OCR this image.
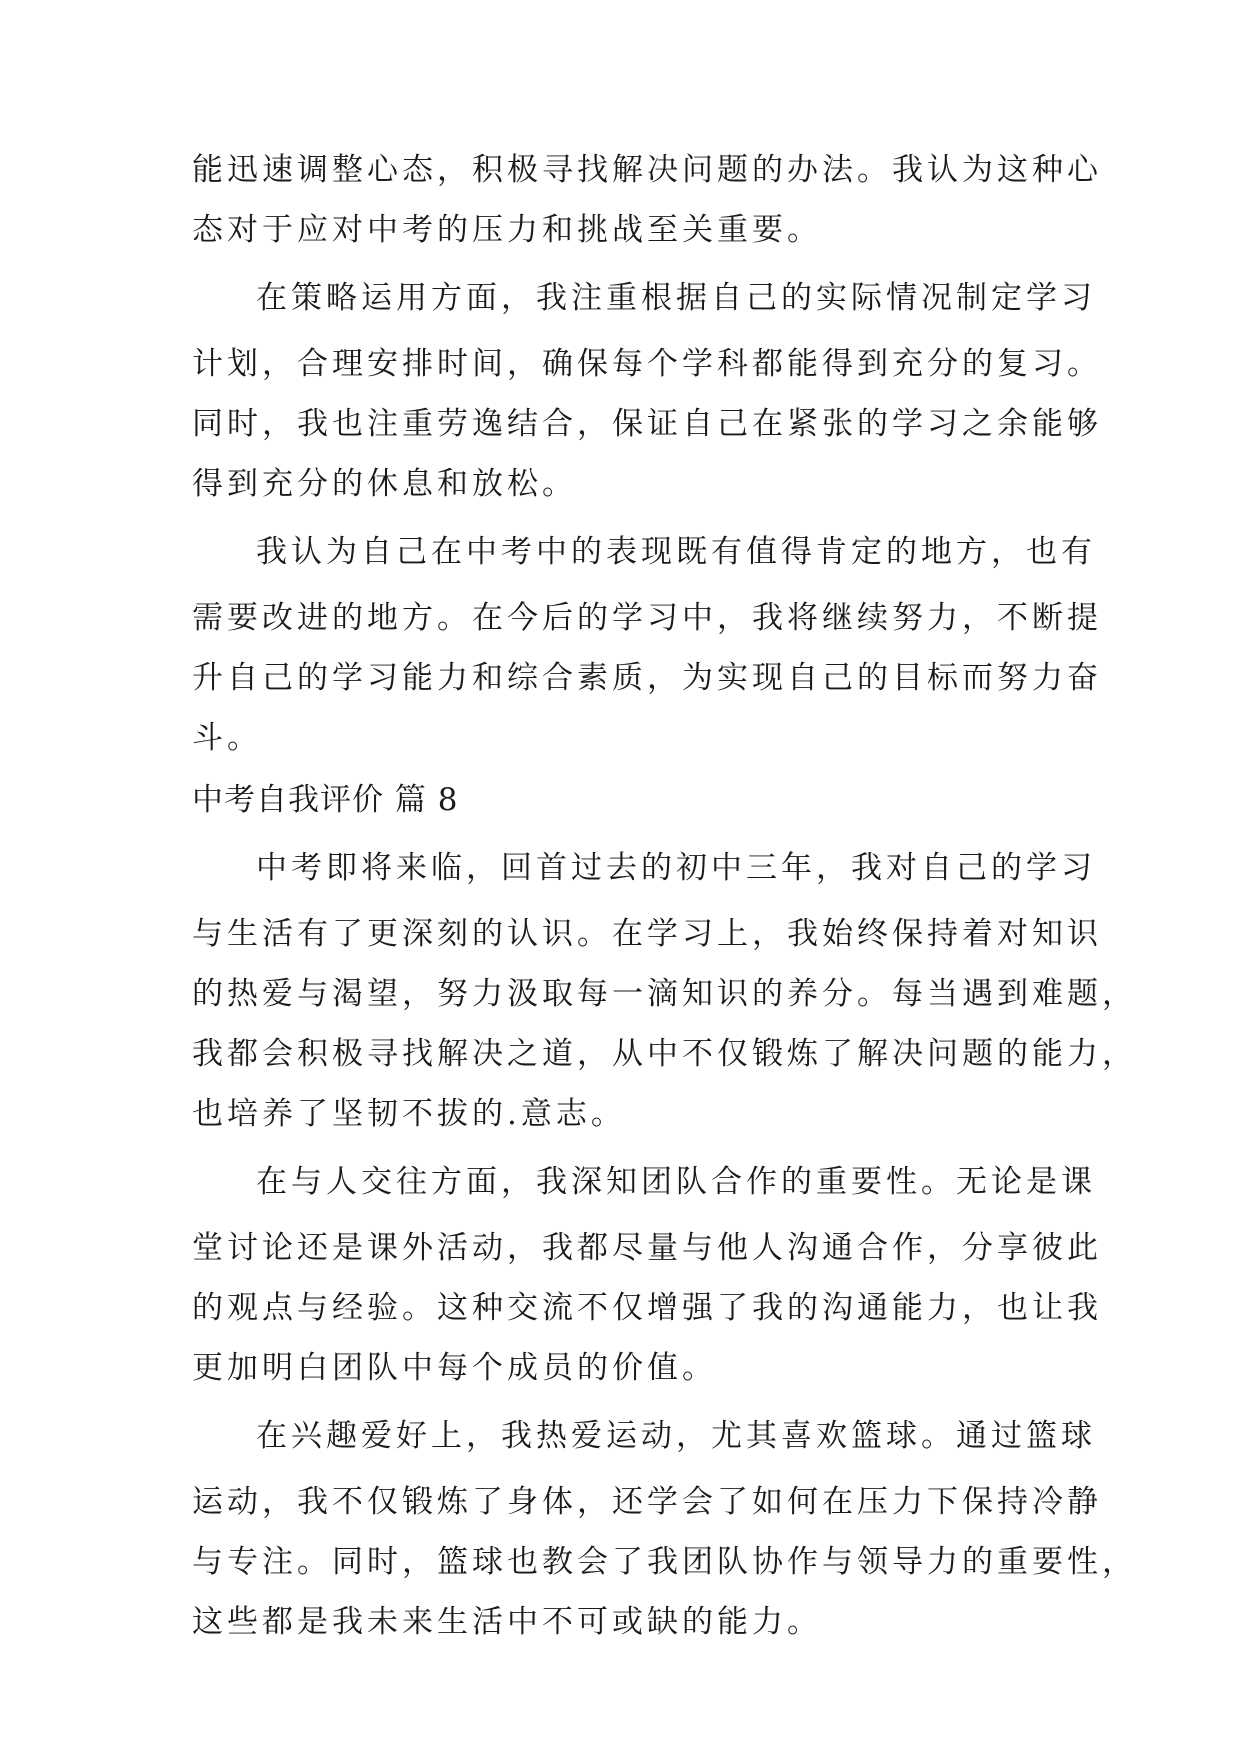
能迅速调整心态，积极寻找解决问题的办法。我认为这种心
态对于应对中考的压力和挑战至关重要。
在策略运用方面，我注重根据自己的实际情况制定学习
计划，合理安排时间，确保每个学科都能得到充分的复习。
同时，我也注重劳逸结合，保证自己在紧张的学习之余能够
得到充分的休息和放松。
我认为自己在中考中的表现既有值得肯定的地方，也有
需要改进的地方。在今后的学习中，我将继续努力，不断提
升自己的学习能力和综合素质，为实现自己的目标而努力奋
斗。
中考自我评价 篇 8
中考即将来临，回首过去的初中三年，我对自己的学习
与生活有了更深刻的认识。在学习上，我始终保持着对知识
的热爱与渴望，努力汲取每一滴知识的养分。每当遇到难题，
我都会积极寻找解决之道，从中不仅锻炼了解决问题的能力，
也培养了坚韧不拔的.意志。
在与人交往方面，我深知团队合作的重要性。无论是课
堂讨论还是课外活动，我都尽量与他人沟通合作，分享彼此
的观点与经验。这种交流不仅增强了我的沟通能力，也让我
更加明白团队中每个成员的价值。
在兴趣爱好上，我热爱运动，尤其喜欢篮球。通过篮球
运动，我不仅锻炼了身体，还学会了如何在压力下保持冷静
与专注。同时，篮球也教会了我团队协作与领导力的重要性，
这些都是我未来生活中不可或缺的能力。
